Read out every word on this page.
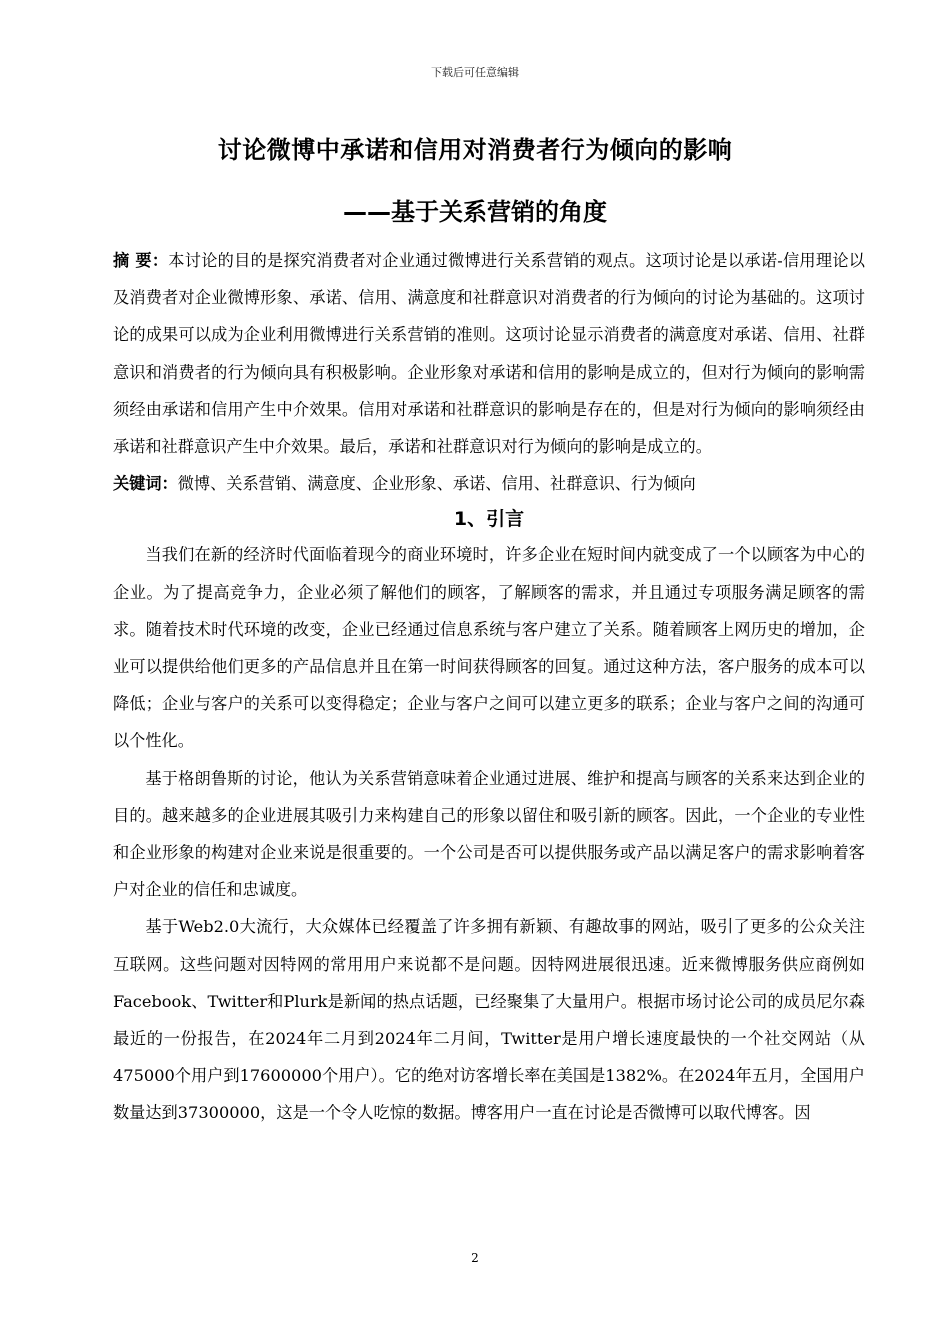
下载后可任意编辑
讨论微博中承诺和信用对消费者行为倾向的影响
——基于关系营销的角度

摘 要：本讨论的目的是探究消费者对企业通过微博进行关系营销的观点。这项讨论是以承诺-信用理论以及消费者对企业微博形象、承诺、信用、满意度和社群意识对消费者的行为倾向的讨论为基础的。这项讨论的成果可以成为企业利用微博进行关系营销的准则。这项讨论显示消费者的满意度对承诺、信用、社群意识和消费者的行为倾向具有积极影响。企业形象对承诺和信用的影响是成立的，但对行为倾向的影响需须经由承诺和信用产生中介效果。信用对承诺和社群意识的影响是存在的，但是对行为倾向的影响须经由承诺和社群意识产生中介效果。最后，承诺和社群意识对行为倾向的影响是成立的。

关键词：微博、关系营销、满意度、企业形象、承诺、信用、社群意识、行为倾向

1、引言

当我们在新的经济时代面临着现今的商业环境时，许多企业在短时间内就变成了一个以顾客为中心的企业。为了提高竞争力，企业必须了解他们的顾客，了解顾客的需求，并且通过专项服务满足顾客的需求。随着技术时代环境的改变，企业已经通过信息系统与客户建立了关系。随着顾客上网历史的增加，企业可以提供给他们更多的产品信息并且在第一时间获得顾客的回复。通过这种方法，客户服务的成本可以降低；企业与客户的关系可以变得稳定；企业与客户之间可以建立更多的联系；企业与客户之间的沟通可以个性化。

基于格朗鲁斯的讨论，他认为关系营销意味着企业通过进展、维护和提高与顾客的关系来达到企业的目的。越来越多的企业进展其吸引力来构建自己的形象以留住和吸引新的顾客。因此，一个企业的专业性和企业形象的构建对企业来说是很重要的。一个公司是否可以提供服务或产品以满足客户的需求影响着客户对企业的信任和忠诚度。

基于Web2.0大流行，大众媒体已经覆盖了许多拥有新颖、有趣故事的网站，吸引了更多的公众关注互联网。这些问题对因特网的常用用户来说都不是问题。因特网进展很迅速。近来微博服务供应商例如Facebook、Twitter和Plurk是新闻的热点话题，已经聚集了大量用户。根据市场讨论公司的成员尼尔森最近的一份报告，在2024年二月到2024年二月间，Twitter是用户增长速度最快的一个社交网站（从475000个用户到17600000个用户）。它的绝对访客增长率在美国是1382%。在2024年五月，全国用户数量达到37300000，这是一个令人吃惊的数据。博客用户一直在讨论是否微博可以取代博客。因

2
